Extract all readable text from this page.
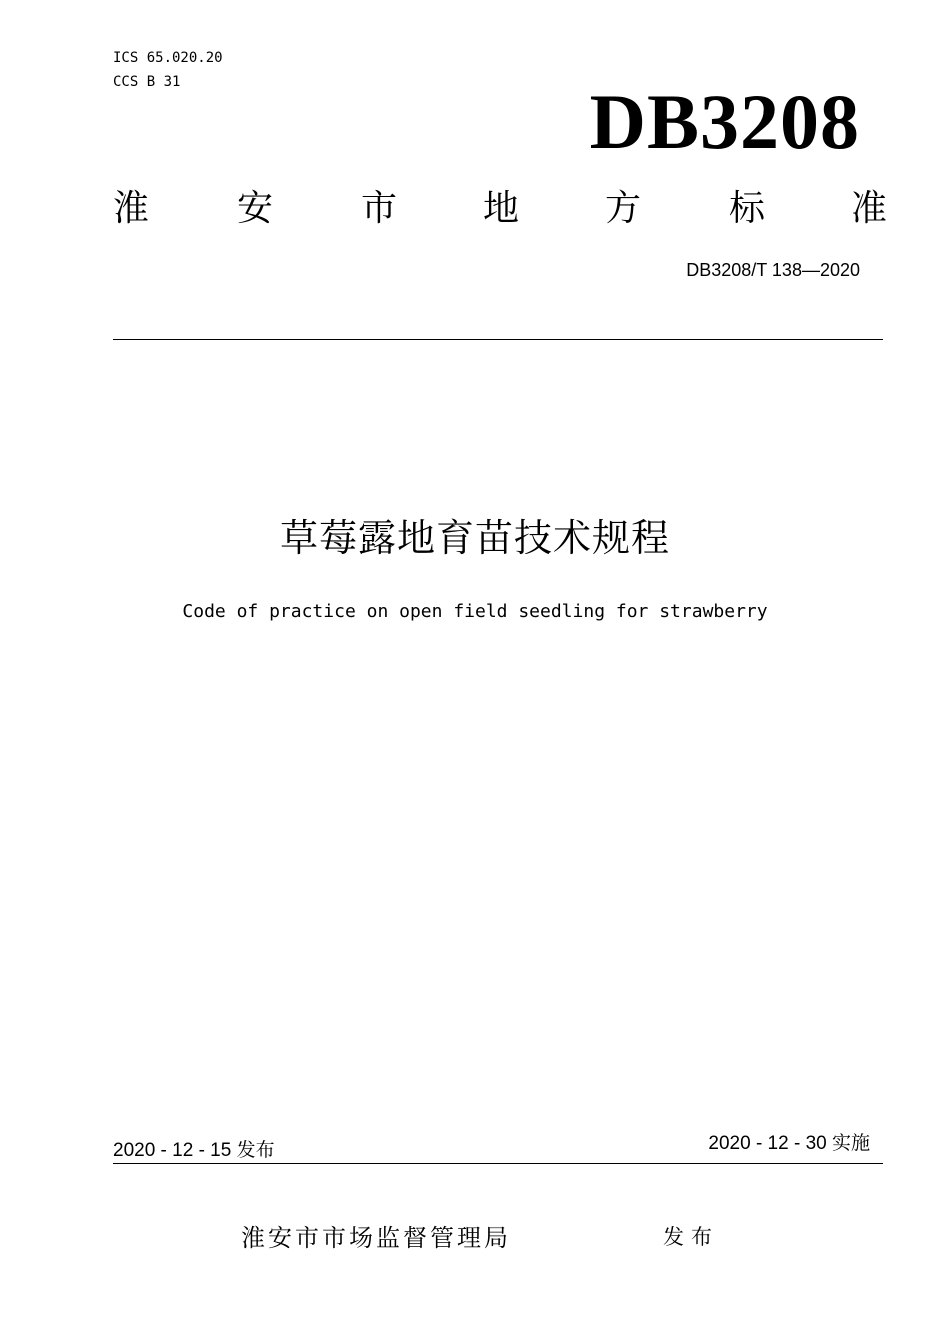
ICS 65.020.20
CCS B 31	DB3208
淮 安 市 地 方 标 准
DB3208/T 138—2020
草莓露地育苗技术规程
Code of practice on open field seedling for strawberry
2020 - 12 - 15 发布	2020 - 12 - 30 实施
淮安市市场监督管理局	发布
